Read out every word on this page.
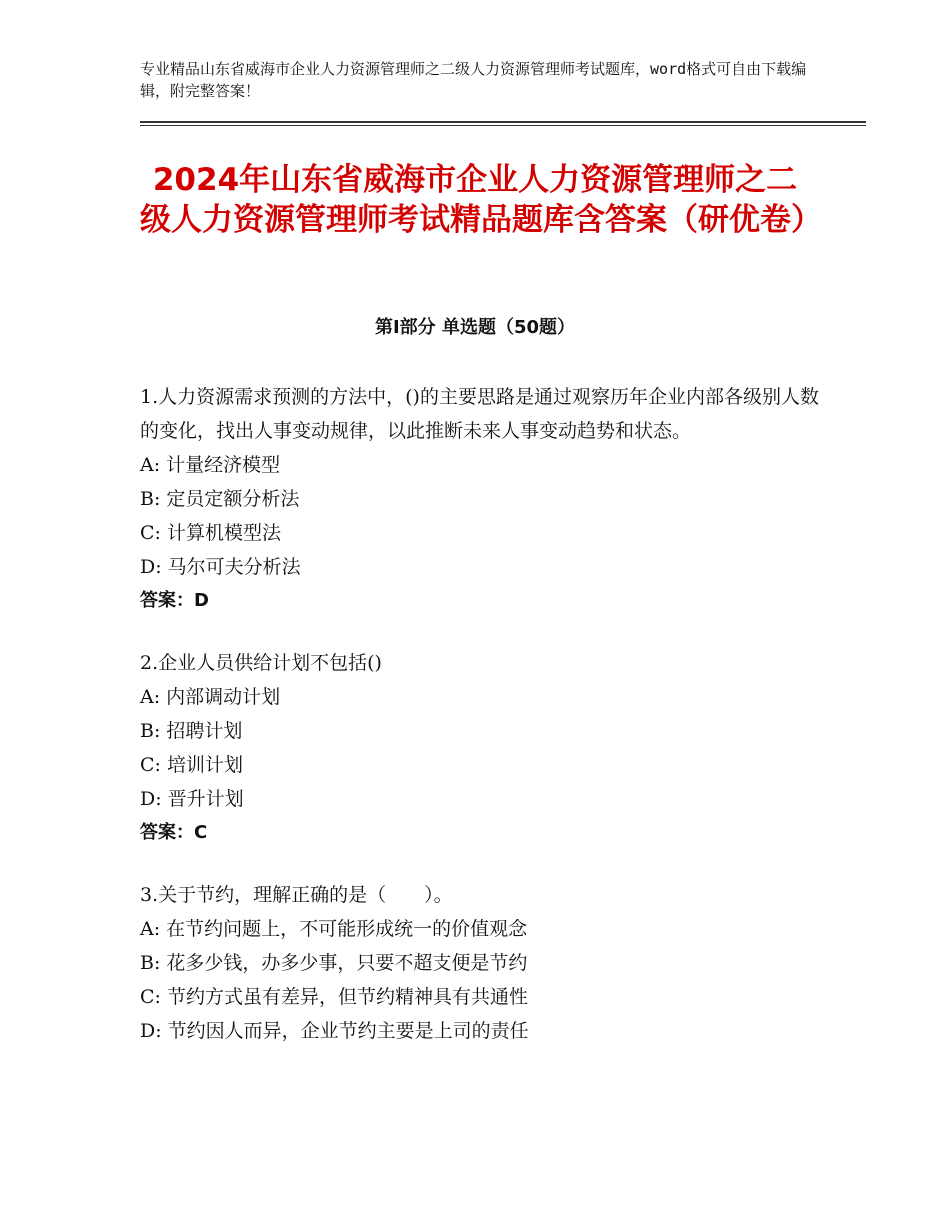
专业精品山东省威海市企业人力资源管理师之二级人力资源管理师考试题库，word格式可自由下载编辑，附完整答案！
2024年山东省威海市企业人力资源管理师之二级人力资源管理师考试精品题库含答案（研优卷）
第Ⅰ部分 单选题（50题）

1.人力资源需求预测的方法中，()的主要思路是通过观察历年企业内部各级别人数的变化，找出人事变动规律，以此推断未来人事变动趋势和状态。

A: 计量经济模型

B: 定员定额分析法

C: 计算机模型法

D: 马尔可夫分析法

答案：D

2.企业人员供给计划不包括()

A: 内部调动计划

B: 招聘计划

C: 培训计划

D: 晋升计划

答案：C

3.关于节约，理解正确的是（　　）。

A: 在节约问题上，不可能形成统一的价值观念

B: 花多少钱，办多少事，只要不超支便是节约

C: 节约方式虽有差异，但节约精神具有共通性

D: 节约因人而异，企业节约主要是上司的责任
